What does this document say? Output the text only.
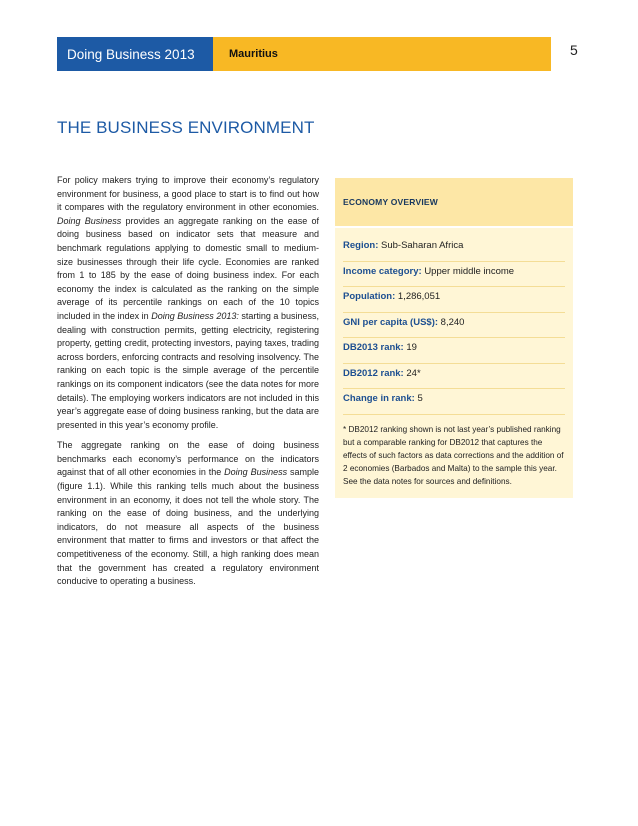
Doing Business 2013	Mauritius	5
THE BUSINESS ENVIRONMENT

For policy makers trying to improve their economy’s regulatory environment for business, a good place to start is to find out how it compares with the regulatory environment in other economies. Doing Business provides an aggregate ranking on the ease of doing business based on indicator sets that measure and benchmark regulations applying to domestic small to medium-size businesses through their life cycle. Economies are ranked from 1 to 185 by the ease of doing business index. For each economy the index is calculated as the ranking on the simple average of its percentile rankings on each of the 10 topics included in the index in Doing Business 2013: starting a business, dealing with construction permits, getting electricity, registering property, getting credit, protecting investors, paying taxes, trading across borders, enforcing contracts and resolving insolvency. The ranking on each topic is the simple average of the percentile rankings on its component indicators (see the data notes for more details). The employing workers indicators are not included in this year’s aggregate ease of doing business ranking, but the data are presented in this year’s economy profile.

The aggregate ranking on the ease of doing business benchmarks each economy’s performance on the indicators against that of all other economies in the Doing Business sample (figure 1.1). While this ranking tells much about the business environment in an economy, it does not tell the whole story. The ranking on the ease of doing business, and the underlying indicators, do not measure all aspects of the business environment that matter to firms and investors or that affect the competitiveness of the economy. Still, a high ranking does mean that the government has created a regulatory environment conducive to operating a business.

ECONOMY OVERVIEW
Region: Sub-Saharan Africa
Income category: Upper middle income
Population: 1,286,051
GNI per capita (US$): 8,240
DB2013 rank: 19
DB2012 rank: 24*
Change in rank: 5
* DB2012 ranking shown is not last year’s published ranking but a comparable ranking for DB2012 that captures the effects of such factors as data corrections and the addition of 2 economies (Barbados and Malta) to the sample this year. See the data notes for sources and definitions.
